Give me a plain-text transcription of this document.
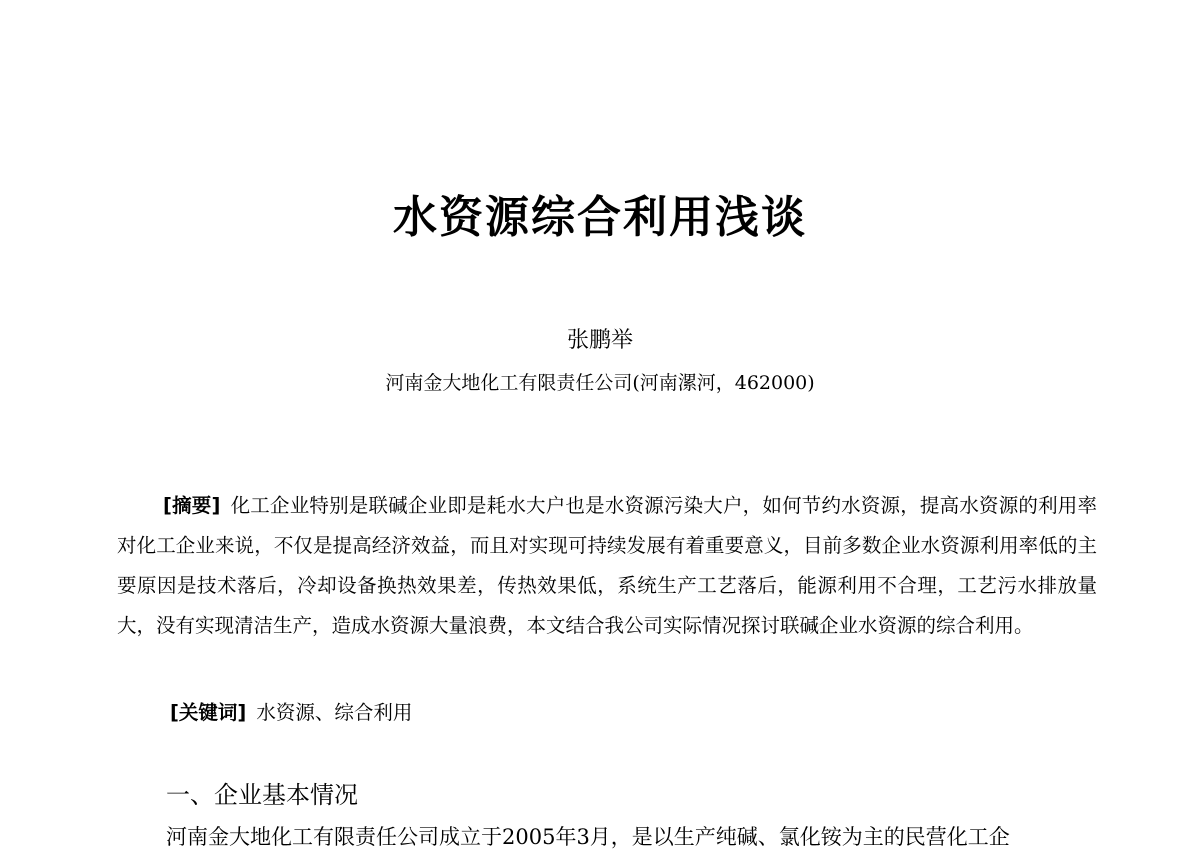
水资源综合利用浅谈
张鹏举
河南金大地化工有限责任公司(河南漯河，462000)
[摘要] 化工企业特别是联碱企业即是耗水大户也是水资源污染大户，如何节约水资源，提高水资源的利用率对化工企业来说，不仅是提高经济效益，而且对实现可持续发展有着重要意义，目前多数企业水资源利用率低的主要原因是技术落后，冷却设备换热效果差，传热效果低，系统生产工艺落后，能源利用不合理，工艺污水排放量大，没有实现清洁生产，造成水资源大量浪费，本文结合我公司实际情况探讨联碱企业水资源的综合利用。
[关键词] 水资源、综合利用
一、企业基本情况
河南金大地化工有限责任公司成立于2005年3月，是以生产纯碱、氯化铵为主的民营化工企
